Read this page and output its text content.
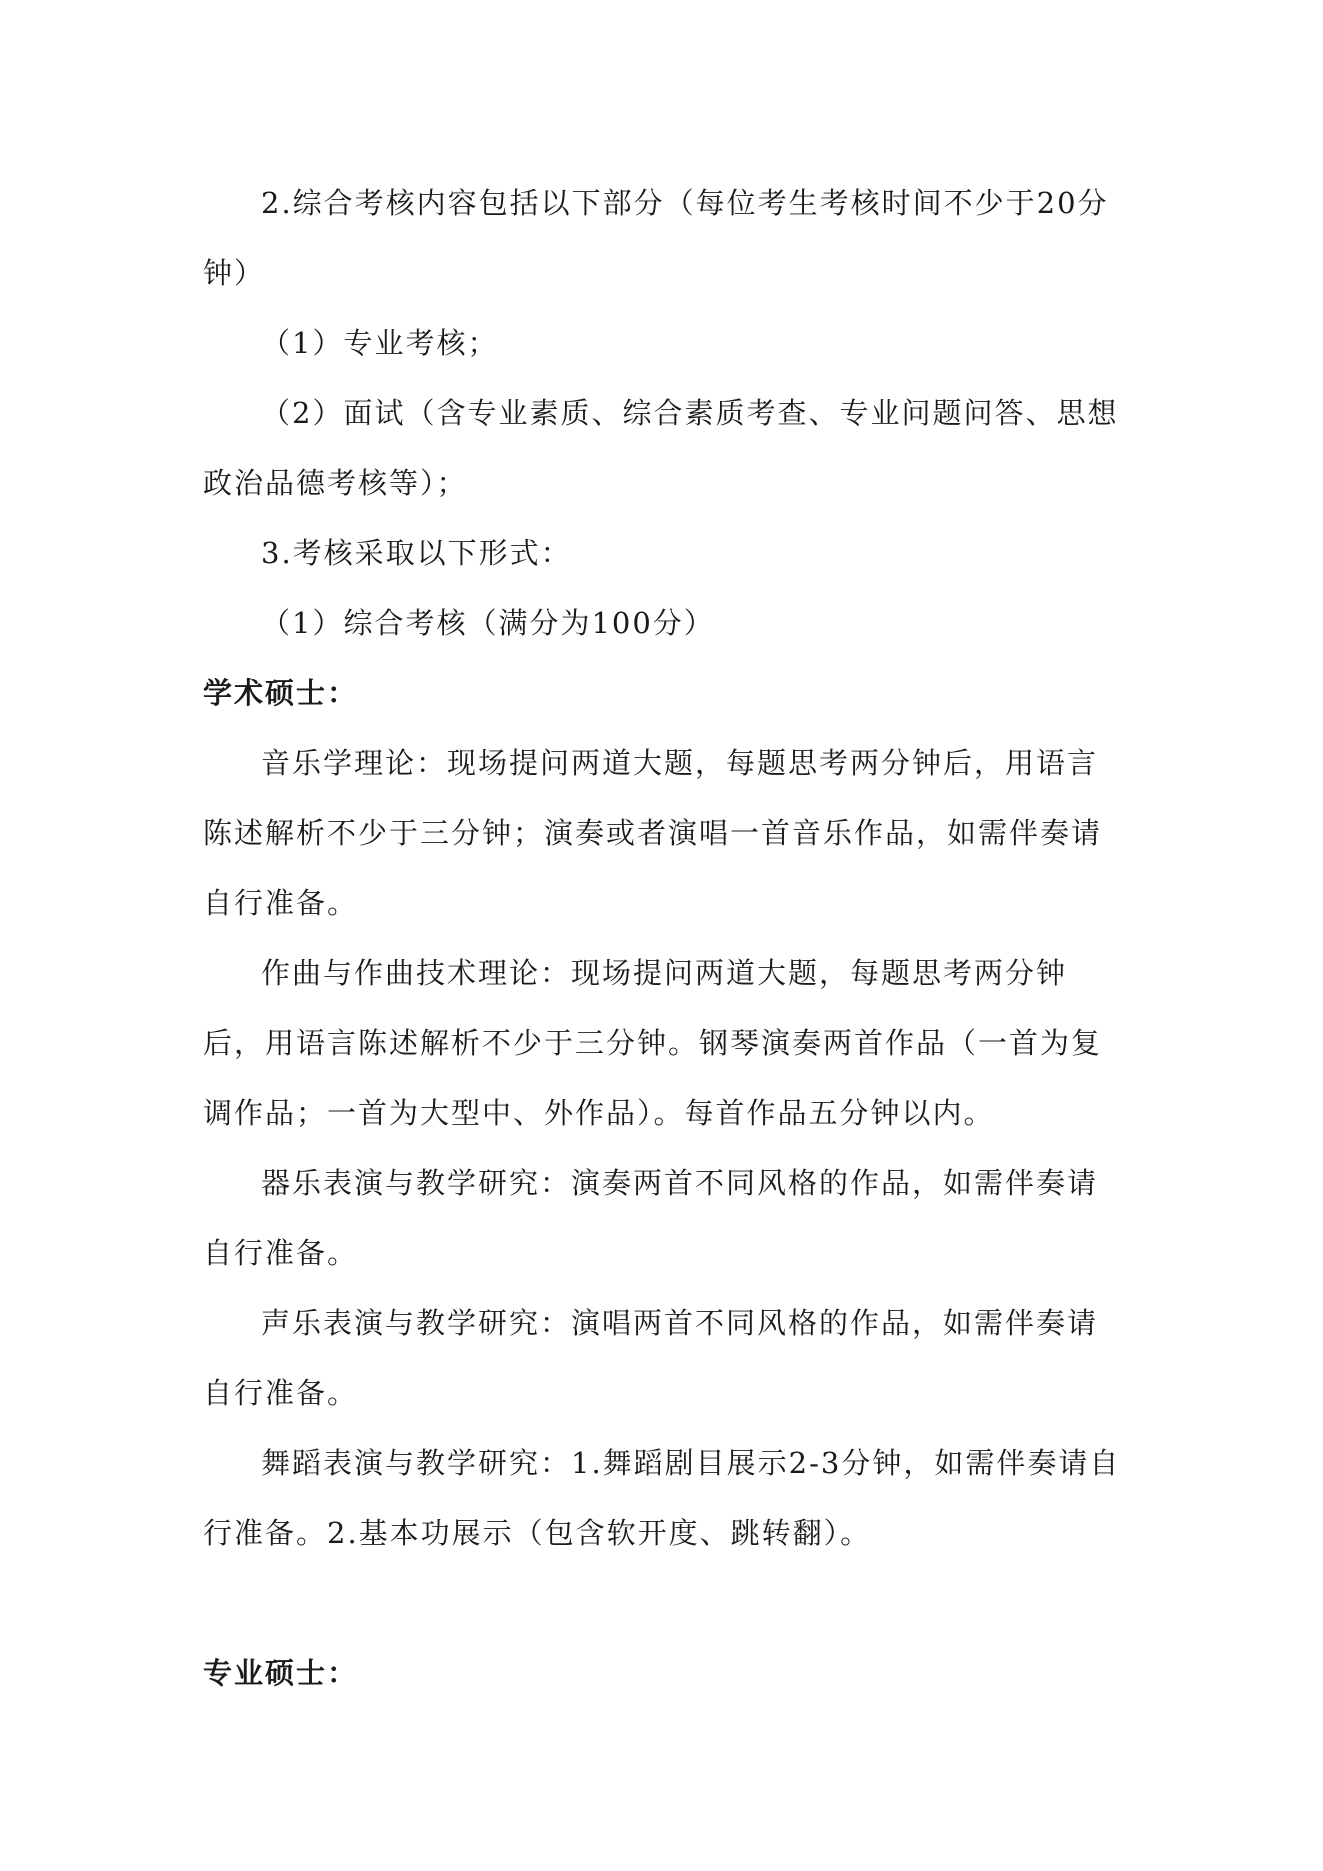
2.综合考核内容包括以下部分（每位考生考核时间不少于20分钟）

（1）专业考核；

（2）面试（含专业素质、综合素质考查、专业问题问答、思想政治品德考核等）；

3.考核采取以下形式：

（1）综合考核（满分为100分）

学术硕士：

音乐学理论：现场提问两道大题，每题思考两分钟后，用语言陈述解析不少于三分钟；演奏或者演唱一首音乐作品，如需伴奏请自行准备。

作曲与作曲技术理论：现场提问两道大题，每题思考两分钟后，用语言陈述解析不少于三分钟。钢琴演奏两首作品（一首为复调作品；一首为大型中、外作品）。每首作品五分钟以内。

器乐表演与教学研究：演奏两首不同风格的作品，如需伴奏请自行准备。

声乐表演与教学研究：演唱两首不同风格的作品，如需伴奏请自行准备。

舞蹈表演与教学研究：1.舞蹈剧目展示2-3分钟，如需伴奏请自行准备。2.基本功展示（包含软开度、跳转翻）。

专业硕士：
